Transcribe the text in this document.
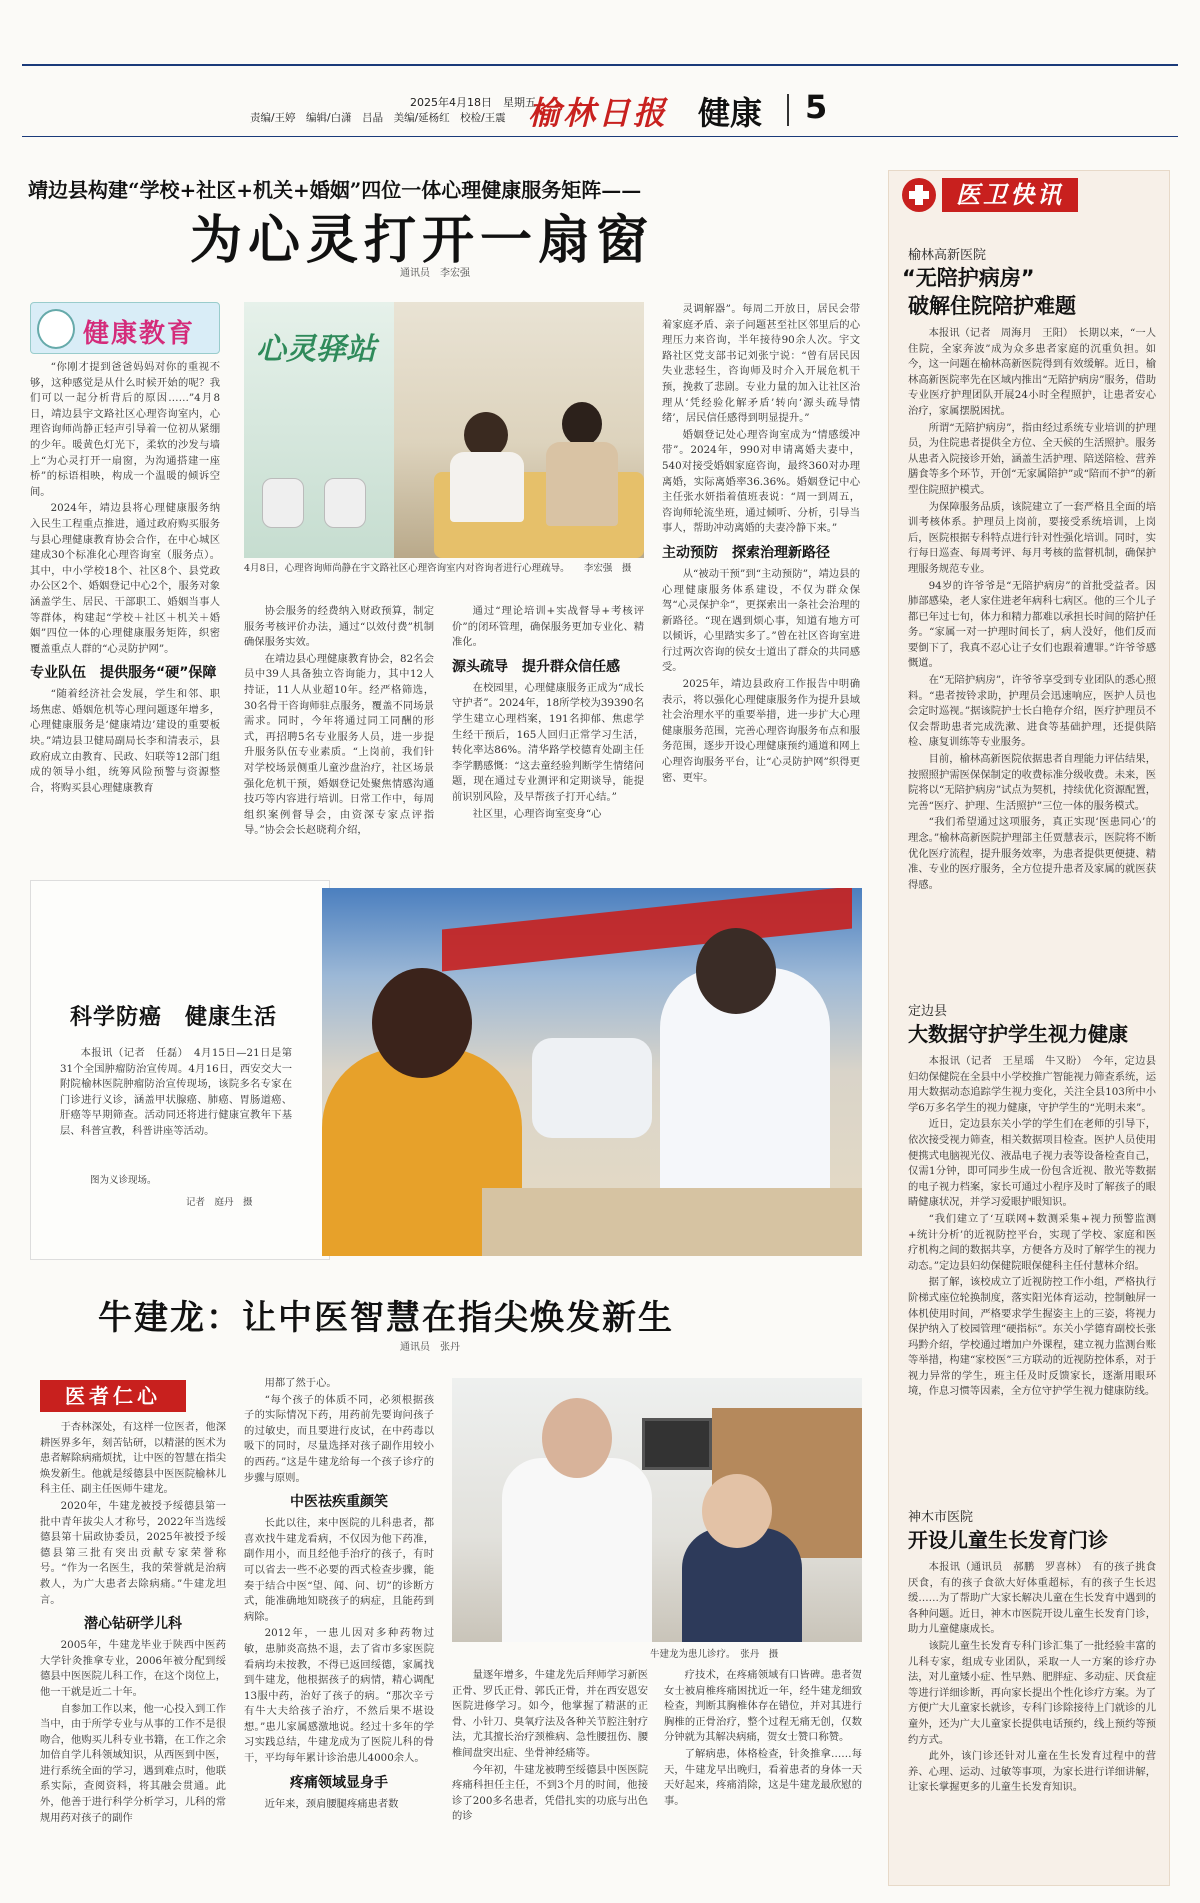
2025年4月18日　星期五
责编/王婷　编辑/白潇　吕晶　美编/延杨红　校检/王震 榆林日报 健康 5
靖边县构建“学校+社区+机关+婚姻”四位一体心理健康服务矩阵——
为心灵打开一扇窗
通讯员　李宏强
健康教育 心灵驿站
4月8日，心理咨询师尚静在宇文路社区心理咨询室内对咨询者进行心理疏导。　　李宏强　摄

“你刚才提到爸爸妈妈对你的重视不够，这种感觉是从什么时候开始的呢？我们可以一起分析背后的原因……”4月8日，靖边县宇文路社区心理咨询室内，心理咨询师尚静正轻声引导着一位初从紧绷的少年。暖黄色灯光下，柔软的沙发与墙上“为心灵打开一扇窗，为沟通搭建一座桥”的标语相映，构成一个温暖的倾诉空间。

2024年，靖边县将心理健康服务纳入民生工程重点推进，通过政府购买服务与县心理健康教育协会合作，在中心城区建成30个标准化心理咨询室（服务点）。其中，中小学校18个、社区8个、县党政办公区2个、婚姻登记中心2个，服务对象涵盖学生、居民、干部职工、婚姻当事人等群体，构建起“学校＋社区＋机关＋婚姻”四位一体的心理健康服务矩阵，织密覆盖重点人群的“心灵防护网”。

专业队伍　提供服务“硬”保障

“随着经济社会发展，学生和邻、职场焦虑、婚姻危机等心理问题逐年增多，心理健康服务是‘健康靖边’建设的重要板块。”靖边县卫健局副局长李和清表示，县政府成立由教育、民政、妇联等12部门组成的领导小组，统筹风险预警与资源整合，将购买县心理健康教育

协会服务的经费纳入财政预算，制定服务考核评价办法，通过“以效付费”机制确保服务实效。

在靖边县心理健康教育协会，82名会员中39人具备独立咨询能力，其中12人持证，11人从业超10年。经严格筛选，30名骨干咨询师驻点服务，覆盖不同场景需求。同时，今年将通过同工同酬的形式，再招聘5名专业服务人员，进一步提升服务队伍专业素质。“上岗前，我们针对学校场景侧重儿童沙盘治疗，社区场景强化危机干预，婚姻登记处聚焦情感沟通技巧等内容进行培训。日常工作中，每周组织案例督导会，由资深专家点评指导。”协会会长赵晓莉介绍，

通过“理论培训+实战督导+考核评价”的闭环管理，确保服务更加专业化、精准化。

源头疏导　提升群众信任感

在校园里，心理健康服务正成为“成长守护者”。2024年，18所学校为39390名学生建立心理档案，191名抑郁、焦虑学生经干预后，165人回归正常学习生活，转化率达86%。清华路学校德育处副主任李学鹏感慨：“这去童经验判断学生情绪问题，现在通过专业测评和定期谈导，能提前识别风险，及早帮孩子打开心结。”

社区里，心理咨询室变身“心

灵调解器”。每周二开放日，居民会带着家庭矛盾、亲子问题甚至社区邻里后的心理压力来咨询，半年接待90余人次。宇文路社区党支部书记刘张宁说：“曾有居民因失业悲轻生，咨询师及时介入开展危机干预，挽救了悲剧。专业力量的加入让社区治理从‘凭经验化解矛盾’转向‘源头疏导情绪’，居民信任感得到明显提升。”

婚姻登记处心理咨询室成为“情感缓冲带”。2024年，990对申请离婚夫妻中，540对接受婚姻家庭咨询，最终360对办理离婚，实际离婚率36.36%。婚姻登记中心主任张水妍指着值班表说：“周一到周五，咨询师轮流坐班，通过倾听、分析，引导当事人，帮助冲动离婚的夫妻冷静下来。”

主动预防　探索治理新路径

从“被动干预”到“主动预防”，靖边县的心理健康服务体系建设，不仅为群众保驾“心灵保护伞”，更探索出一条社会治理的新路径。“现在遇到烦心事，知道有地方可以倾诉，心里踏实多了。”曾在社区咨询室进行过两次咨询的侯女士道出了群众的共同感受。

2025年，靖边县政府工作报告中明确表示，将以强化心理健康服务作为提升县域社会治理水平的重要举措，进一步扩大心理健康服务范围，完善心理咨询服务布点和服务范围，逐步开设心理健康预约通道和网上心理咨询服务平台，让“心灵防护网”织得更密、更牢。

科学防癌　健康生活

本报讯（记者　任磊）　4月15日—21日是第31个全国肿瘤防治宣传周。4月16日，西安交大一附院榆林医院肿瘤防治宣传现场，该院多名专家在门诊进行义诊，涵盖甲状腺癌、肺癌、胃肠道癌、肝癌等早期筛查。活动同还将进行健康宣教年下基层、科普宣教，科普讲座等活动。

图为义诊现场。
记者　庭丹　摄
牛建龙：让中医智慧在指尖焕发新生
通讯员　张丹
医者仁心

于杏林深处，有这样一位医者，他深耕医界多年，刻苦钻研，以精湛的医术为患者解除病痛烦扰，让中医的智慧在指尖焕发新生。他就是绥德县中医医院榆林儿科主任、副主任医师牛建龙。

2020年，牛建龙被授予绥德县第一批中青年拔尖人才称号，2022年当选绥德县第十届政协委员，2025年被授予绥德县第三批有突出贡献专家荣誉称号。“作为一名医生，我的荣誉就是治病救人，为广大患者去除病痛。”牛建龙坦言。

潜心钻研学儿科

2005年，牛建龙毕业于陕西中医药大学针灸推拿专业，2006年被分配到绥德县中医医院儿科工作，在这个岗位上，他一干就是近二十年。

自参加工作以来，他一心投入到工作当中，由于所学专业与从事的工作不是很吻合，他购买儿科专业书籍，在工作之余加倍自学儿科领域知识，从西医到中医，进行系统全面的学习，遇到难点时，他联系实际，查阅资料，将其融会贯通。此外，他善于进行科学分析学习，儿科的常规用药对孩子的副作

用都了然于心。

“每个孩子的体质不同，必须根据孩子的实际情况下药，用药前先要询问孩子的过敏史，而且要进行皮试，在中药毒以吸下的同时，尽量选择对孩子副作用较小的西药。”这是牛建龙给每一个孩子诊疗的步骤与原则。

中医祛疾重颜笑

长此以往，来中医院的儿科患者，都喜欢找牛建龙看病，不仅因为他下药准，副作用小，而且经他手治疗的孩子，有时可以省去一些不必要的西式检查步骤，能奏于结合中医“望、闻、问、切”的诊断方式，能准确地知晓孩子的病症，且能药到病除。

2012年，一患儿因对多种药物过敏，患肺炎高热不退，去了省市多家医院看病均未按教，不得已返回绥德，家属找到牛建龙，他根据孩子的病情，精心调配13服中药，治好了孩子的病。“那次辛亏有牛大夫给孩子治疗，不然后果不堪设想。”患儿家属感激地说。经过十多年的学习实践总结，牛建龙成为了医院儿科的骨干，平均每年累计诊治患儿4000余人。

疼痛领域显身手

近年来，颈肩腰腿疼痛患者数

牛建龙为患儿诊疗。　张丹　摄

量逐年增多，牛建龙先后拜师学习新医正骨、罗氏正骨、郭氏正骨，并在西安恩安医院进修学习。如今，他掌握了精湛的正骨、小针刀、臭氧疗法及各种关节腔注射疗法，尤其擅长治疗颈椎病、急性腰扭伤、腰椎间盘突出症、坐骨神经痛等。

今年初，牛建龙被聘至绥德县中医医院疼痛科担任主任，不到3个月的时间，他接诊了200多名患者，凭借扎实的功底与出色的诊

疗技术，在疼痛领域有口皆碑。患者贺女士被肩椎疼痛困扰近一年，经牛建龙细致检查，判断其胸椎体存在错位，并对其进行胸椎的正骨治疗，整个过程无痛无创，仅数分钟就为其解决病痛，贺女士赞口称赞。

了解病患，体格检查，针灸推拿……每天，牛建龙早出晚归，看着患者的身体一天天好起来，疼痛消除，这是牛建龙最欣慰的事。

医卫快讯
榆林高新医院
“无陪护病房”
破解住院陪护难题

本报讯（记者　周海月　王阳）　长期以来，“一人住院，全家奔波”成为众多患者家庭的沉重负担。如今，这一问题在榆林高新医院得到有效缓解。近日，榆林高新医院率先在区域内推出“无陪护病房”服务，借助专业医疗护理团队开展24小时全程照护，让患者安心治疗，家属摆脱困扰。

所谓“无陪护病房”，指由经过系统专业培训的护理员，为住院患者提供全方位、全天候的生活照护。服务从患者入院接诊开始，涵盖生活护理、陪送陪检、营养膳食等多个环节，开创“无家属陪护”或“陪而不护”的新型住院照护模式。

为保障服务品质，该院建立了一套严格且全面的培训考核体系。护理员上岗前，要接受系统培训，上岗后，医院根据专科特点进行针对性强化培训。同时，实行每日巡查、每周考评、每月考核的监督机制，确保护理服务规范专业。

94岁的许爷爷是“无陪护病房”的首批受益者。因肺部感染，老人家住进老年病科七病区。他的三个儿子都已年过七旬，体力和精力都难以承担长时间的陪护任务。“家属一对一护理时间长了，病人没好，他们反而要倒下了，我真不忍心让子女们也跟着遭罪。”许爷爷感慨道。

在“无陪护病房”，许爷爷享受到专业团队的悉心照料。“患者按铃求助，护理员会迅速响应，医护人员也会定时巡视。”据该院护士长白艳存介绍，医疗护理员不仅会帮助患者完成洗漱、进食等基础护理，还提供陪检、康复训练等专业服务。

目前，榆林高新医院依据患者自理能力评估结果，按照照护需医保保制定的收费标准分级收费。未来，医院将以“无陪护病房”试点为契机，持续优化资源配置，完善“医疗、护理、生活照护”三位一体的服务模式。

“我们希望通过这项服务，真正实现‘医患同心’的理念。”榆林高新医院护理部主任贾慧表示，医院将不断优化医疗流程，提升服务效率，为患者提供更便捷、精准、专业的医疗服务，全方位提升患者及家属的就医获得感。

定边县
大数据守护学生视力健康

本报讯（记者　王星瑶　牛又盼）　今年，定边县妇幼保健院在全县中小学校推广智能视力筛查系统，运用大数据动态追踪学生视力变化，关注全县103所中小学6万多名学生的视力健康，守护学生的“光明未来”。

近日，定边县东关小学的学生们在老师的引导下，依次接受视力筛查，相关数据项目检查。医护人员使用便携式电脑视光仪、液晶电子视力表等设备检查自己，仅需1分钟，即可同步生成一份包含近视、散光等数据的电子视力档案，家长可通过小程序及时了解孩子的眼睛健康状况，并学习爱眼护眼知识。

“我们建立了‘互联网+数测采集+视力预警监测+统计分析’的近视防控平台，实现了学校、家庭和医疗机构之间的数据共享，方便各方及时了解学生的视力动态。”定边县妇幼保健院眼保健科主任付慧林介绍。

据了解，该校成立了近视防控工作小组，严格执行阶梯式座位轮换制度，落实阳光体育运动，控制触屏一体机使用时间，严格要求学生握姿主上的三姿，将视力保护纳入了校园管理“硬指标”。东关小学德育副校长张玛黔介绍，学校通过增加户外课程，建立视力监测台账等举措，构建“家校医”三方联动的近视防控体系，对于视力异常的学生，班主任及时反馈家长，逐渐用眼环境，作息习惯等因素，全方位守护学生视力健康防线。

神木市医院
开设儿童生长发育门诊

本报讯（通讯员　郝鹏　罗喜林）　有的孩子挑食厌食，有的孩子食欲大好体重超标，有的孩子生长迟缓……为了帮助广大家长解决儿童在生长发育中遇到的各种问题。近日，神木市医院开设儿童生长发育门诊，助力儿童健康成长。

该院儿童生长发育专科门诊汇集了一批经验丰富的儿科专家，组成专业团队，采取一人一方案的诊疗办法，对儿童矮小症、性早熟、肥胖症、多动症、厌食症等进行详细诊断，再向家长提出个性化诊疗方案。为了方便广大儿童家长就诊，专科门诊除接待上门就诊的儿童外，还为广大儿童家长提供电话预约，线上预约等预约方式。

此外，该门诊还针对儿童在生长发育过程中的营养、心理、运动、过敏等事项，为家长进行详细讲解，让家长掌握更多的儿童生长发育知识。
